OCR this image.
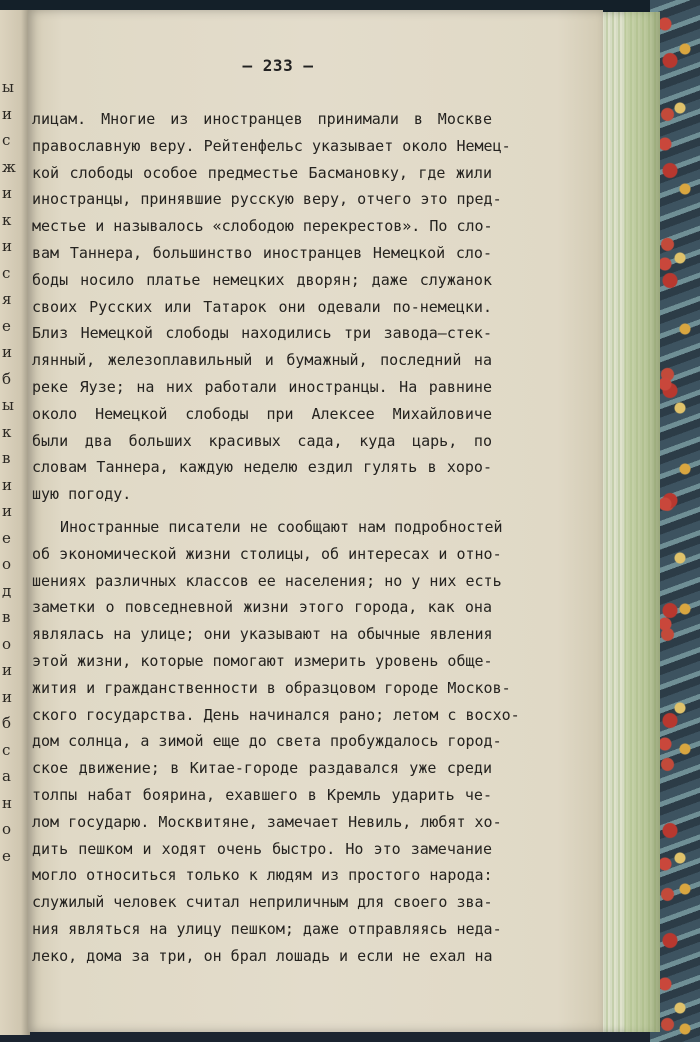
ы
и
с
ж
и
к
и
с
я
е
и
б
ы
к
в
и
и
е
о
д
в
о
и
и
б
с
а
н
о
е
— 233 —
лицам. Многие из иностранцев принимали в Москве
православную веру. Рейтенфельс указывает около Немец-
кой слободы особое предместье Басмановку, где жили
иностранцы, принявшие русскую веру, отчего это пред-
местье и называлось «слободою перекрестов». По сло-
вам Таннера, большинство иностранцев Немецкой сло-
боды носило платье немецких дворян; даже служанок
своих Русских или Татарок они одевали по-немецки.
Близ Немецкой слободы находились три завода—стек-
лянный, железоплавильный и бумажный, последний на
реке Яузе; на них работали иностранцы. На равнине
около Немецкой слободы при Алексее Михайловиче
были два больших красивых сада, куда царь, по
словам Таннера, каждую неделю ездил гулять в хоро-
шую погоду.
Иностранные писатели не сообщают нам подробностей
об экономической жизни столицы, об интересах и отно-
шениях различных классов ее населения; но у них есть
заметки о повседневной жизни этого города, как она
являлась на улице; они указывают на обычные явления
этой жизни, которые помогают измерить уровень обще-
жития и гражданственности в образцовом городе Москов-
ского государства. День начинался рано; летом с восхо-
дом солнца, а зимой еще до света пробуждалось город-
ское движение; в Китае-городе раздавался уже среди
толпы набат боярина, ехавшего в Кремль ударить че-
лом государю. Москвитяне, замечает Невиль, любят хо-
дить пешком и ходят очень быстро. Но это замечание
могло относиться только к людям из простого народа:
служилый человек считал неприличным для своего зва-
ния являться на улицу пешком; даже отправляясь неда-
леко, дома за три, он брал лошадь и если не ехал на
